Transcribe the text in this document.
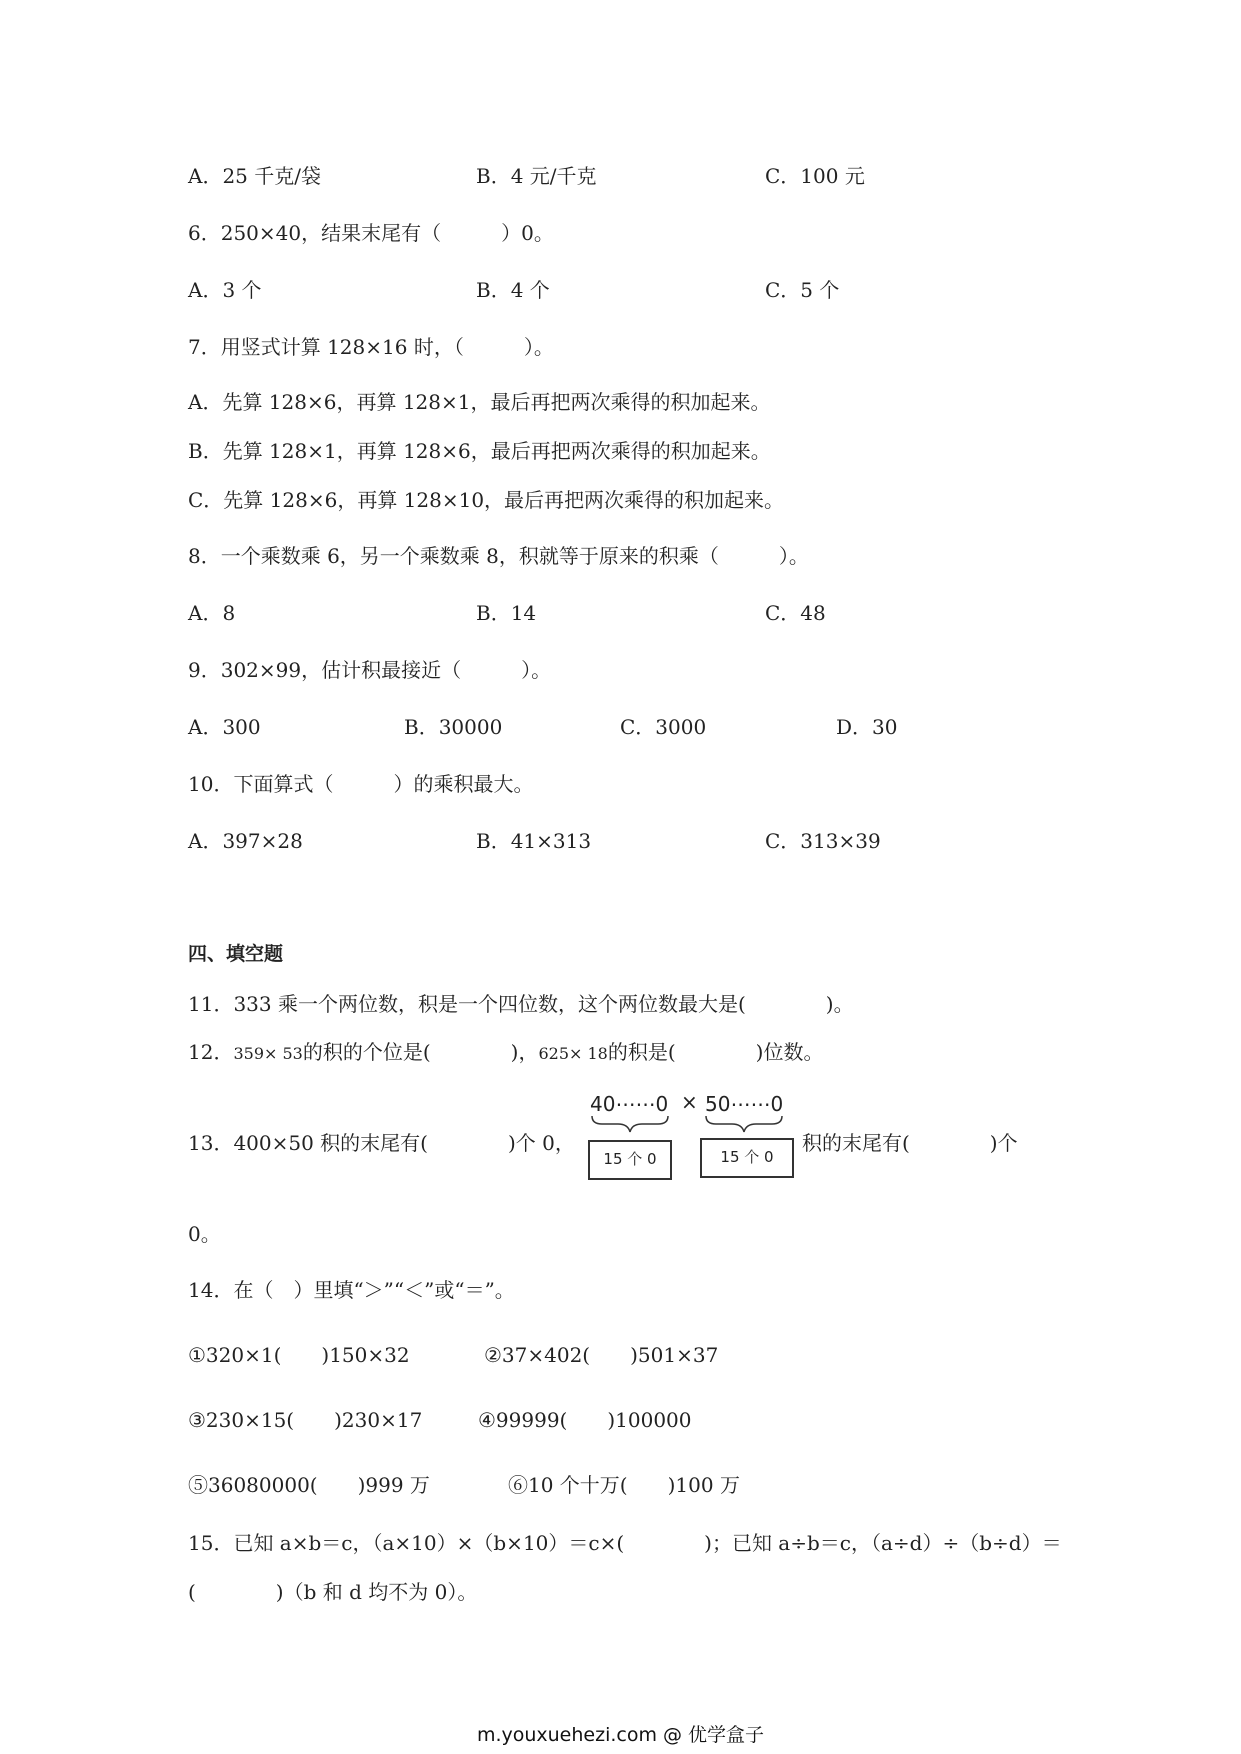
A．25 千克/袋	B．4 元/千克	C．100 元
6．250×40，结果末尾有（　　　）0。
A．3 个	B．4 个	C．5 个
7．用竖式计算 128×16 时，（　　　）。
A．先算 128×6，再算 128×1，最后再把两次乘得的积加起来。
B．先算 128×1，再算 128×6，最后再把两次乘得的积加起来。
C．先算 128×6，再算 128×10，最后再把两次乘得的积加起来。
8．一个乘数乘 6，另一个乘数乘 8，积就等于原来的积乘（　　　）。
A．8	B．14	C．48
9．302×99，估计积最接近（　　　）。
A．300	B．30000	C．3000	D．30
10．下面算式（　　　）的乘积最大。
A．397×28	B．41×313	C．313×39
四、填空题
11．333 乘一个两位数，积是一个四位数，这个两位数最大是(　　　　)。
12．359× 53的积的个位是(　　　　)，625× 18的积是(　　　　)位数。
13．400×50 积的末尾有(　　　　)个 0，
40⋯⋯0 × 50⋯⋯0
15 个 0	15 个 0
积的末尾有(　　　　)个
0。
14．在（　）里填“＞”“＜”或“＝”。
①320×1(　　)150×32	②37×402(　　)501×37
③230×15(　　)230×17	④99999(　　)100000
⑤36080000(　　)999 万	⑥10 个十万(　　)100 万
15．已知 a×b＝c，（a×10）×（b×10）＝c×(　　　　)；已知 a÷b＝c，（a÷d）÷（b÷d）＝
(　　　　)（b 和 d 均不为 0）。
m.youxuehezi.com @ 优学盒子
